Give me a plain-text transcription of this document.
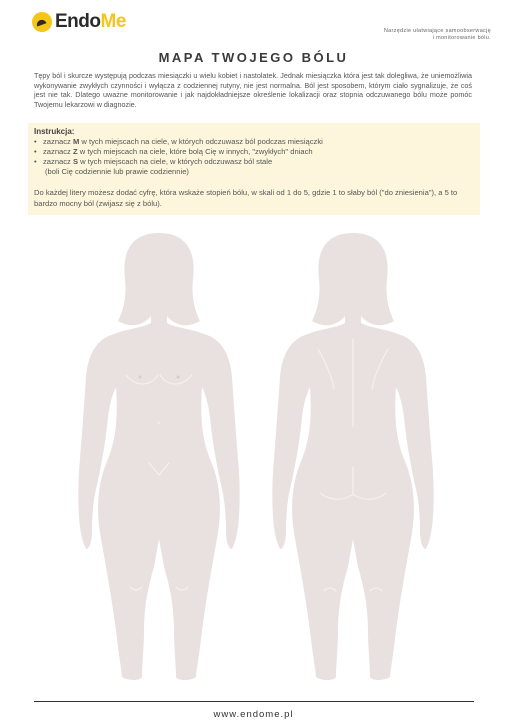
EndoMe	Narzędzie ułatwiające samoobserwację
i monitorowanie bólu.
MAPA TWOJEGO BÓLU
Tępy ból i skurcze występują podczas miesiączki u wielu kobiet i nastolatek. Jednak miesiączka która jest tak dolegliwa, że uniemożliwia wykonywanie zwykłych czynności i wyłącza z codziennej rutyny, nie jest normalna. Ból jest sposobem, którym ciało sygnalizuje, że coś jest nie tak. Dlatego uważne monitorowanie i jak najdokładniejsze określenie lokalizacji oraz stopnia odczuwanego bólu może pomóc Twojemu lekarzowi w diagnozie.
Instrukcja:
• zaznacz M w tych miejscach na ciele, w których odczuwasz ból podczas miesiączki
• zaznacz Z w tych miejscach na ciele, które bolą Cię w innych, "zwykłych" dniach
• zaznacz S w tych miejscach na ciele, w których odczuwasz ból stale
(boli Cię codziennie lub prawie codziennie)
Do każdej litery możesz dodać cyfrę, która wskaże stopień bólu, w skali od 1 do 5, gdzie 1 to słaby ból ("do zniesienia"), a 5 to bardzo mocny ból (zwijasz się z bólu).
www.endome.pl
